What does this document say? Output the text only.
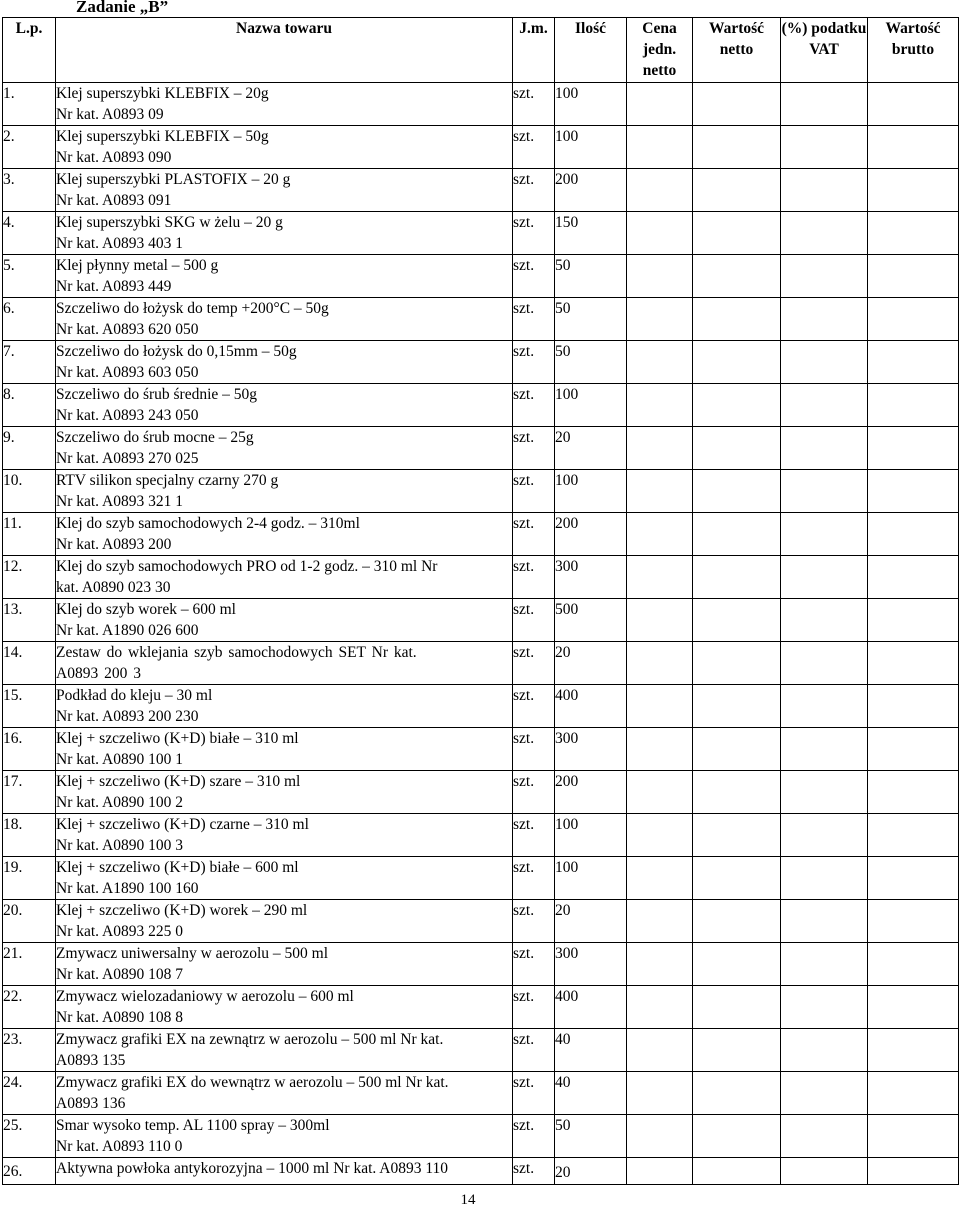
Zadanie „B”
L.p.	Nazwa towaru	J.m.	Ilość	Cena jedn. netto	Wartość netto	(%) podatku VAT	Wartość brutto
1.	Klej superszybki KLEBFIX – 20g
Nr kat. A0893 09	szt.	100				
2.	Klej superszybki KLEBFIX – 50g
Nr kat. A0893 090	szt.	100				
3.	Klej superszybki PLASTOFIX – 20 g
Nr kat. A0893 091	szt.	200				
4.	Klej superszybki SKG w żelu – 20 g
Nr kat. A0893 403 1	szt.	150				
5.	Klej płynny metal – 500 g
Nr kat. A0893 449	szt.	50				
6.	Szczeliwo do łożysk do temp +200°C – 50g
Nr kat. A0893 620 050	szt.	50				
7.	Szczeliwo do łożysk do 0,15mm – 50g
Nr kat. A0893 603 050	szt.	50				
8.	Szczeliwo do śrub średnie – 50g
Nr kat. A0893 243 050	szt.	100				
9.	Szczeliwo do śrub mocne – 25g
Nr kat. A0893 270 025	szt.	20				
10.	RTV silikon specjalny czarny 270 g
Nr kat. A0893 321 1	szt.	100				
11.	Klej do szyb samochodowych 2-4 godz. – 310ml
Nr kat. A0893 200	szt.	200				
12.	Klej do szyb samochodowych PRO od 1-2 godz. – 310 ml Nr
kat. A0890 023 30	szt.	300				
13.	Klej do szyb worek – 600 ml
Nr kat. A1890 026 600	szt.	500				
14.	Zestaw do wklejania szyb samochodowych SET Nr kat.
A0893 200 3	szt.	20				
15.	Podkład do kleju – 30 ml
Nr kat. A0893 200 230	szt.	400				
16.	Klej + szczeliwo (K+D) białe – 310 ml
Nr kat. A0890 100 1	szt.	300				
17.	Klej + szczeliwo (K+D) szare – 310 ml
Nr kat. A0890 100 2	szt.	200				
18.	Klej + szczeliwo (K+D) czarne – 310 ml
Nr kat. A0890 100 3	szt.	100				
19.	Klej + szczeliwo (K+D) białe – 600 ml
Nr kat. A1890 100 160	szt.	100				
20.	Klej + szczeliwo (K+D) worek – 290 ml
Nr kat. A0893 225 0	szt.	20				
21.	Zmywacz uniwersalny w aerozolu – 500 ml
Nr kat. A0890 108 7	szt.	300				
22.	Zmywacz wielozadaniowy w aerozolu – 600 ml
Nr kat. A0890 108 8	szt.	400				
23.	Zmywacz grafiki EX na zewnątrz w aerozolu – 500 ml Nr kat.
A0893 135	szt.	40				
24.	Zmywacz grafiki EX do wewnątrz w aerozolu – 500 ml Nr kat.
A0893 136	szt.	40				
25.	Smar wysoko temp. AL 1100 spray – 300ml
Nr kat. A0893 110 0	szt.	50				
26.	Aktywna powłoka antykorozyjna – 1000 ml Nr kat. A0893 110	szt.	20				
14
